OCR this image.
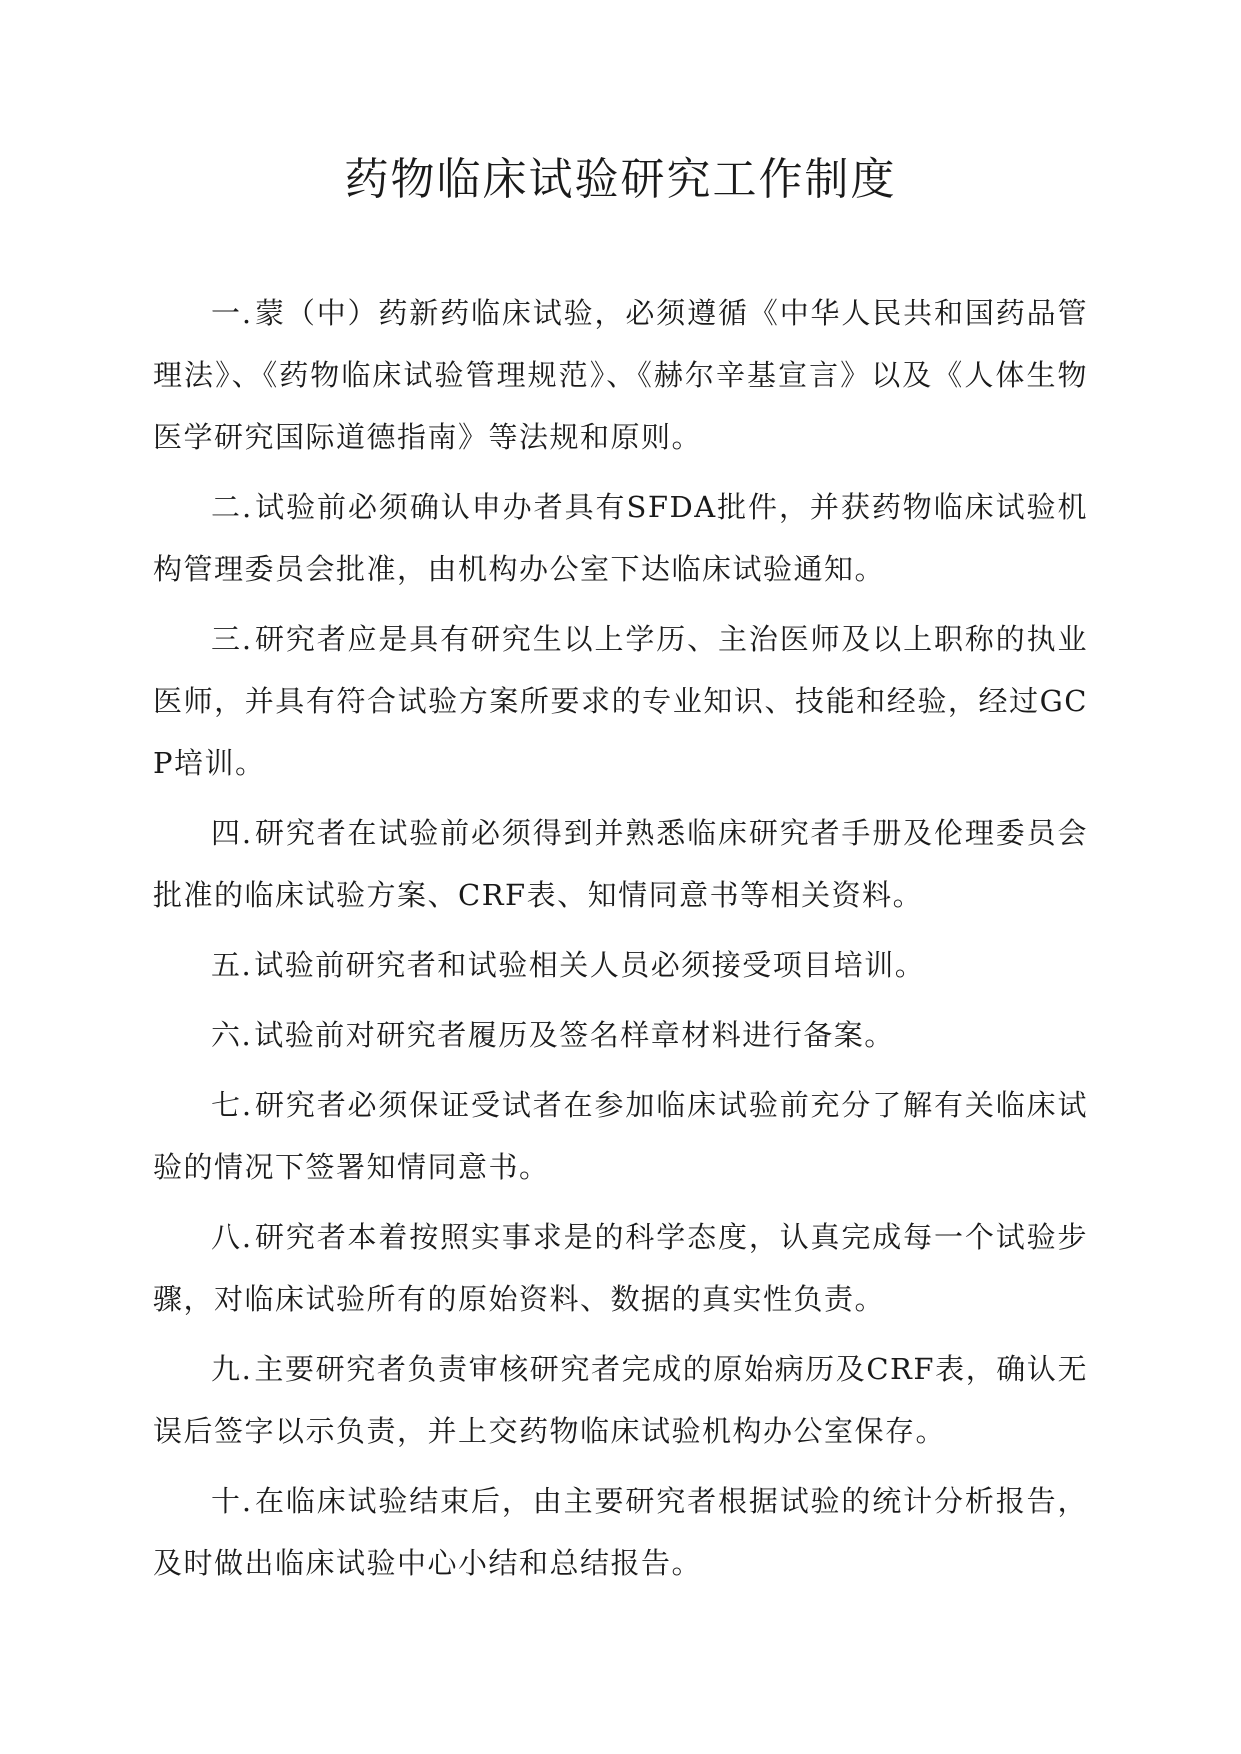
药物临床试验研究工作制度

一.蒙（中）药新药临床试验，必须遵循《中华人民共和国药品管理法》、《药物临床试验管理规范》、《赫尔辛基宣言》以及《人体生物医学研究国际道德指南》等法规和原则。

二.试验前必须确认申办者具有SFDA批件，并获药物临床试验机构管理委员会批准，由机构办公室下达临床试验通知。

三.研究者应是具有研究生以上学历、主治医师及以上职称的执业医师，并具有符合试验方案所要求的专业知识、技能和经验，经过GCP培训。

四.研究者在试验前必须得到并熟悉临床研究者手册及伦理委员会批准的临床试验方案、CRF表、知情同意书等相关资料。

五.试验前研究者和试验相关人员必须接受项目培训。

六.试验前对研究者履历及签名样章材料进行备案。

七.研究者必须保证受试者在参加临床试验前充分了解有关临床试验的情况下签署知情同意书。

八.研究者本着按照实事求是的科学态度，认真完成每一个试验步骤，对临床试验所有的原始资料、数据的真实性负责。

九.主要研究者负责审核研究者完成的原始病历及CRF表，确认无误后签字以示负责，并上交药物临床试验机构办公室保存。

十.在临床试验结束后，由主要研究者根据试验的统计分析报告，及时做出临床试验中心小结和总结报告。
